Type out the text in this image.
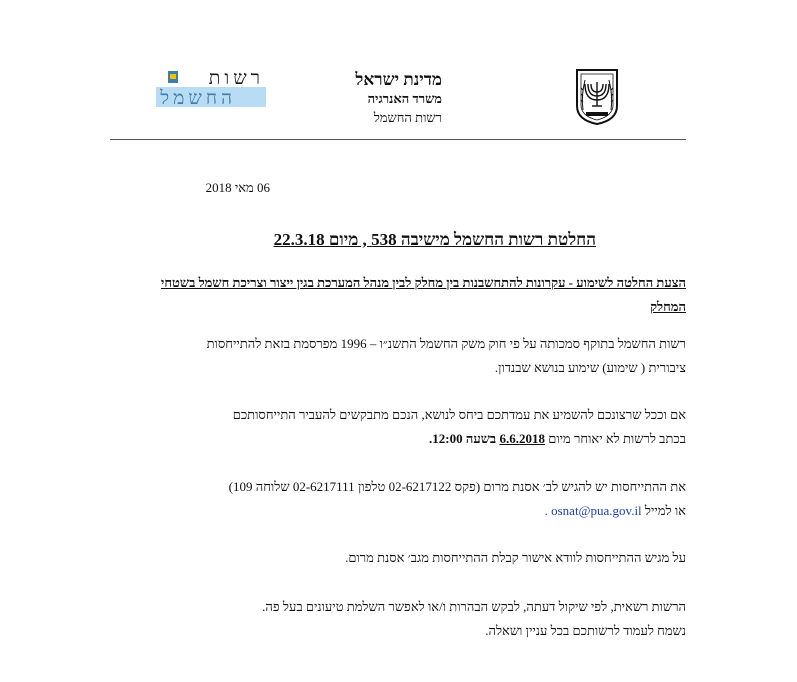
מדינת ישראל
משרד האנרגיה
רשות החשמל
רשות
החשמל
06 מאי 2018
החלטת רשות החשמל מישיבה 538 , מיום 22.3.18
הצעת החלטה לשימוע - עקרונות להתחשבנות בין מחלק לבין מנהל המערכת בגין ייצור וצריכת חשמל בשטחי המחלק
רשות החשמל בתוקף סמכותה על פי חוק משק החשמל התשנ״ו – 1996 מפרסמת בזאת להתייחסות
ציבורית ( שימוע) שימוע בנושא שבנדון.
אם וככל שרצונכם להשמיע את עמדתכם ביחס לנושא, הנכם מתבקשים להעביר התייחסותכם
בכתב לרשות לא יאוחר מיום 6.6.2018 בשעה 12:00.
את ההתייחסות יש להגיש לב׳ אסנת מרום (פקס 02-6217122 טלפון 02-6217111 שלוחה 109)
או למייל osnat@pua.gov.il .
על מגיש ההתייחסות לוודא אישור קבלת ההתייחסות מגב׳ אסנת מרום.
הרשות רשאית, לפי שיקול דעתה, לבקש הבהרות ו/או לאפשר השלמת טיעונים בעל פה.
נשמח לעמוד לרשותכם בכל עניין ושאלה.
